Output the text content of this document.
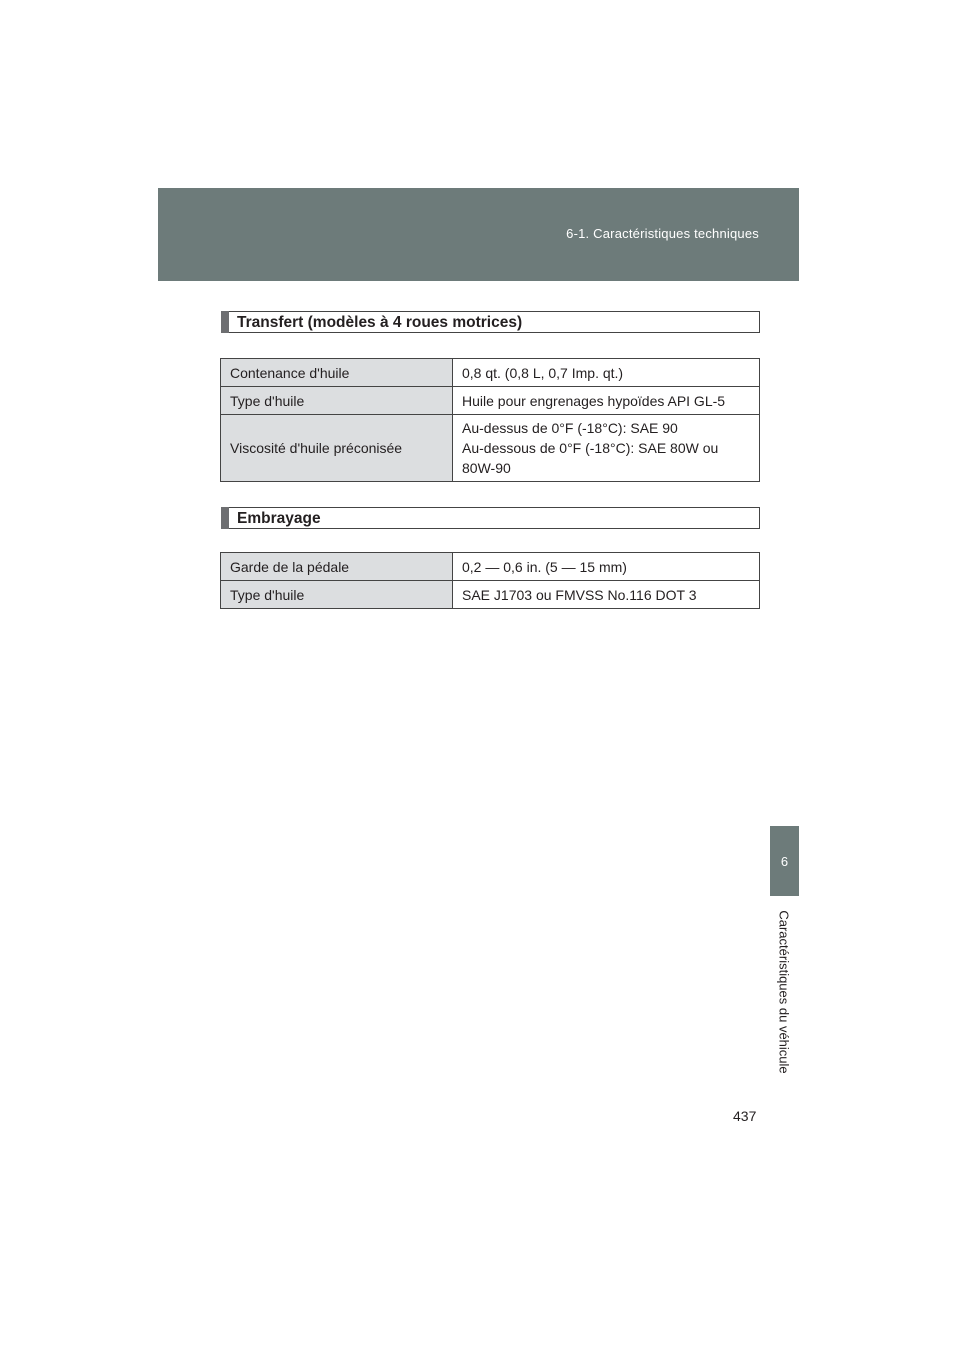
6-1. Caractéristiques techniques
Transfert (modèles à 4 roues motrices)
Contenance d'huile	0,8 qt. (0,8 L, 0,7 Imp. qt.)
Type d'huile	Huile pour engrenages hypoïdes API GL-5
Viscosité d'huile préconisée	Au-dessus de 0°F (-18°C): SAE 90
Au-dessous de 0°F (-18°C): SAE 80W ou
80W-90
Embrayage
Garde de la pédale	0,2 — 0,6 in. (5 — 15 mm)
Type d'huile	SAE J1703 ou FMVSS No.116 DOT 3
6
Caractéristiques du véhicule
437
